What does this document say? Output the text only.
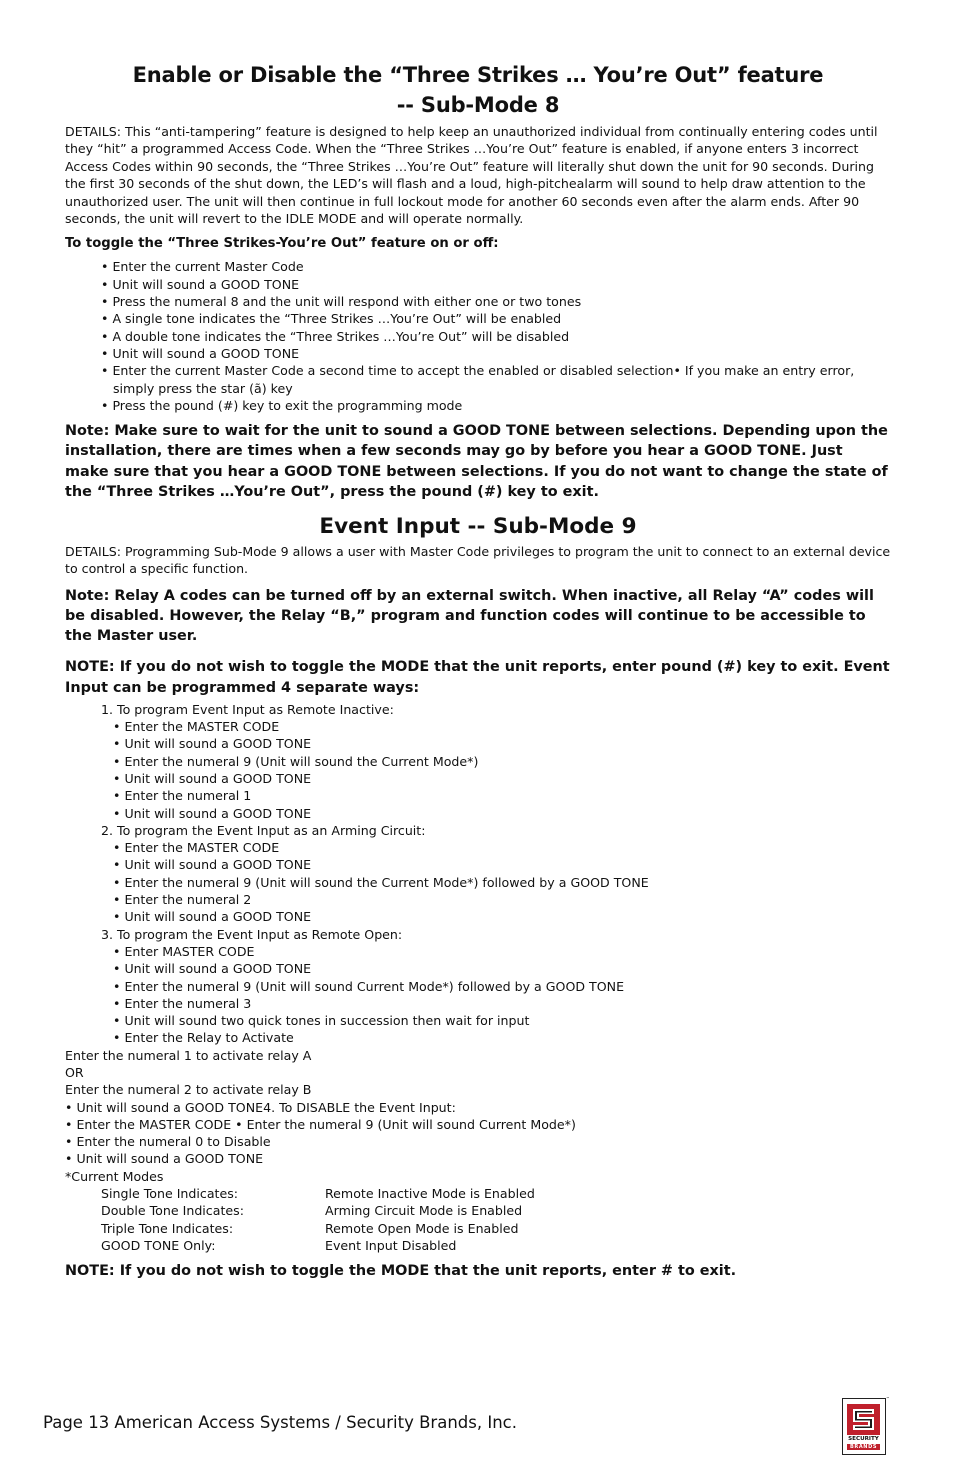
Enable or Disable the “Three Strikes … You’re Out” feature
-- Sub-Mode 8

DETAILS: This “anti-tampering” feature is designed to help keep an unauthorized individual from continually entering codes until they “hit” a programmed Access Code. When the “Three Strikes …You’re Out” feature is enabled, if anyone enters 3 incorrect Access Codes within 90 seconds, the “Three Strikes …You’re Out” feature will literally shut down the unit for 90 seconds. During the first 30 seconds of the shut down, the LED’s will flash and a loud, high-pitchealarm will sound to help draw attention to the unauthorized user. The unit will then continue in full lockout mode for another 60 seconds even after the alarm ends. After 90 seconds, the unit will revert to the IDLE MODE and will operate normally.

To toggle the “Three Strikes-You’re Out” feature on or off:

• Enter the current Master Code
• Unit will sound a GOOD TONE
• Press the numeral 8 and the unit will respond with either one or two tones
• A single tone indicates the “Three Strikes …You’re Out” will be enabled
• A double tone indicates the “Three Strikes …You’re Out” will be disabled
• Unit will sound a GOOD TONE
• Enter the current Master Code a second time to accept the enabled or disabled selection• If you make an entry error, simply press the star (ã) key
• Press the pound (#) key to exit the programming mode

Note: Make sure to wait for the unit to sound a GOOD TONE between selections. Depending upon the installation, there are times when a few seconds may go by before you hear a GOOD TONE. Just make sure that you hear a GOOD TONE between selections. If you do not want to change the state of the “Three Strikes …You’re Out”, press the pound (#) key to exit.

Event Input -- Sub-Mode 9

DETAILS: Programming Sub-Mode 9 allows a user with Master Code privileges to program the unit to connect to an external device to control a specific function.

Note: Relay A codes can be turned off by an external switch. When inactive, all Relay “A” codes will be disabled. However, the Relay “B,” program and function codes will continue to be accessible to the Master user.

NOTE: If you do not wish to toggle the MODE that the unit reports, enter pound (#) key to exit. Event Input can be programmed 4 separate ways:

1. To program Event Input as Remote Inactive:
• Enter the MASTER CODE
• Unit will sound a GOOD TONE
• Enter the numeral 9 (Unit will sound the Current Mode*)
• Unit will sound a GOOD TONE
• Enter the numeral 1
• Unit will sound a GOOD TONE
2. To program the Event Input as an Arming Circuit:
• Enter the MASTER CODE
• Unit will sound a GOOD TONE
• Enter the numeral 9 (Unit will sound the Current Mode*) followed by a GOOD TONE
• Enter the numeral 2
• Unit will sound a GOOD TONE
3. To program the Event Input as Remote Open:
• Enter MASTER CODE
• Unit will sound a GOOD TONE
• Enter the numeral 9 (Unit will sound Current Mode*) followed by a GOOD TONE
• Enter the numeral 3
• Unit will sound two quick tones in succession then wait for input
• Enter the Relay to Activate
Enter the numeral 1 to activate relay A
OR
Enter the numeral 2 to activate relay B
• Unit will sound a GOOD TONE4. To DISABLE the Event Input:
• Enter the MASTER CODE • Enter the numeral 9 (Unit will sound Current Mode*)
• Enter the numeral 0 to Disable
• Unit will sound a GOOD TONE
*Current Modes
Single Tone Indicates:	Remote Inactive Mode is Enabled
Double Tone Indicates:	Arming Circuit Mode is Enabled
Triple Tone Indicates:	Remote Open Mode is Enabled
GOOD TONE Only:	Event Input Disabled

NOTE: If you do not wish to toggle the MODE that the unit reports, enter # to exit.

Page 13 American Access Systems / Security Brands, Inc.
SECURITY
BRANDS
™
